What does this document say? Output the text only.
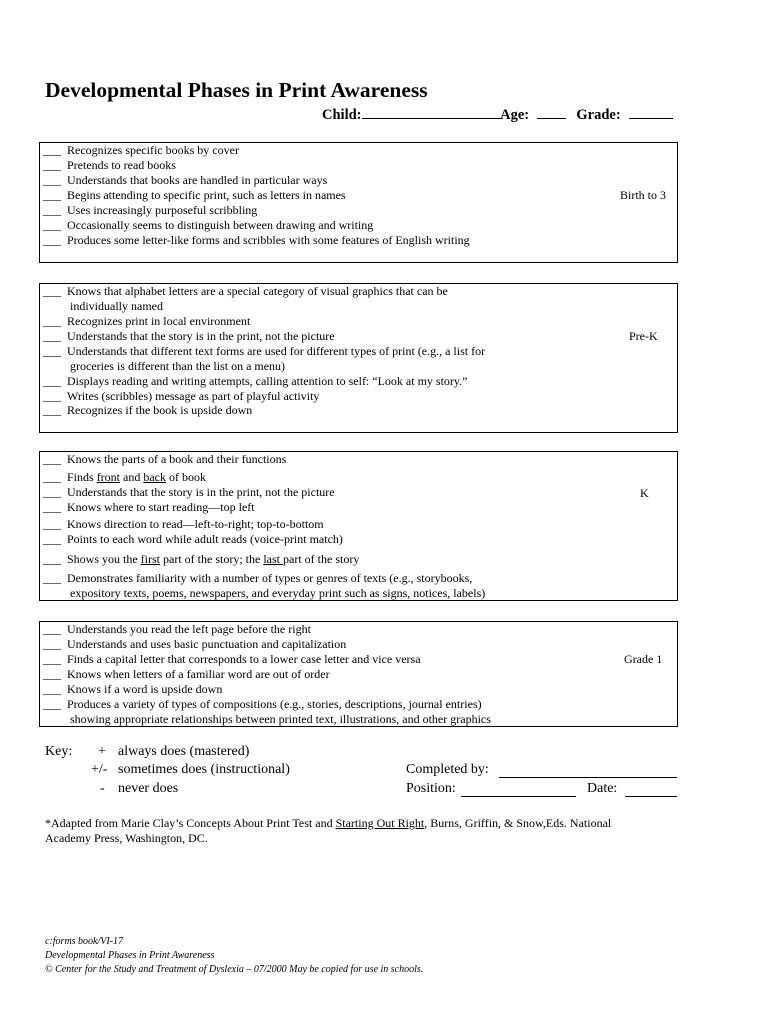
Developmental Phases in Print Awareness
Child:	Age:	Grade:
___ Recognizes specific books by cover
___ Pretends to read books
___ Understands that books are handled in particular ways
___ Begins attending to specific print, such as letters in names
___ Uses increasingly purposeful scribbling
___ Occasionally seems to distinguish between drawing and writing
___ Produces some letter-like forms and scribbles with some features of English writing
Birth to 3
___ Knows that alphabet letters are a special category of visual graphics that can be
individually named
___ Recognizes print in local environment
___ Understands that the story is in the print, not the picture
___ Understands that different text forms are used for different types of print (e.g., a list for
groceries is different than the list on a menu)
___ Displays reading and writing attempts, calling attention to self: “Look at my story.”
___ Writes (scribbles) message as part of playful activity
___ Recognizes if the book is upside down
Pre-K
___ Knows the parts of a book and their functions
___ Finds front and back of book
___ Understands that the story is in the print, not the picture
___ Knows where to start reading—top left
___ Knows direction to read—left-to-right; top-to-bottom
___ Points to each word while adult reads (voice-print match)
___ Shows you the first part of the story; the last part of the story
___ Demonstrates familiarity with a number of types or genres of texts (e.g., storybooks,
expository texts, poems, newspapers, and everyday print such as signs, notices, labels)
K
___ Understands you read the left page before the right
___ Understands and uses basic punctuation and capitalization
___ Finds a capital letter that corresponds to a lower case letter and vice versa
___ Knows when letters of a familiar word are out of order
___ Knows if a word is upside down
___ Produces a variety of types of compositions (e.g., stories, descriptions, journal entries)
showing appropriate relationships between printed text, illustrations, and other graphics
Grade 1
Key: + always does (mastered)
+/- sometimes does (instructional)
- never does
Completed by:
Position:	Date:
*Adapted from Marie Clay’s Concepts About Print Test and Starting Out Right, Burns, Griffin, & Snow,Eds. National
Academy Press, Washington, DC.
c:forms book/VI-17
Developmental Phases in Print Awareness
© Center for the Study and Treatment of Dyslexia – 07/2000 May be copied for use in schools.
